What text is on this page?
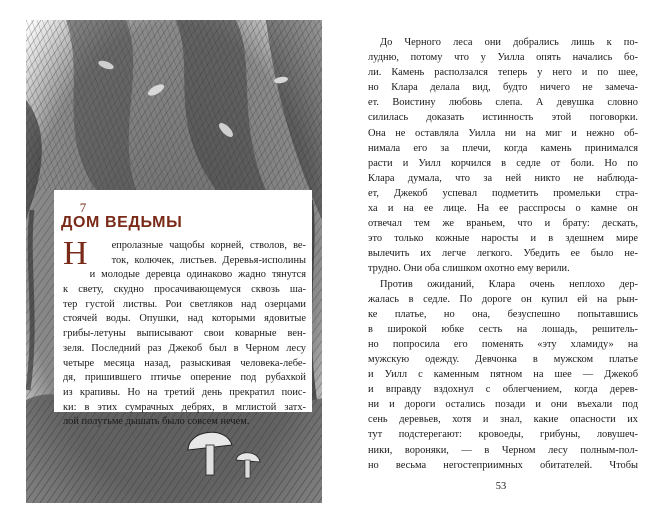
7
ДОМ ВЕДЬМЫ
Н	епролазные чащобы корней, стволов, ве-
ток, колючек, листьев. Деревья-исполины
и молодые деревца одинаково жадно тянутся
к свету, скудно просачивающемуся сквозь ша-
тер густой листвы. Рои светляков над озерцами
стоячей воды. Опушки, над которыми ядовитые
грибы-летуны выписывают свои коварные вен-
зеля. Последний раз Джекоб был в Черном лесу
четыре месяца назад, разыскивая человека-лебе-
дя, пришившего птичье оперение под рубахкой
из крапивы. Но на третий день прекратил поис-
ки: в этих сумрачных дебрях, в мглистой затх-
лой полутьме дышать было совсем нечем.
До Черного леса они добрались лишь к по-
лудню, потому что у Уилла опять начались бо-
ли. Камень расползался теперь у него и по шее,
но Клара делала вид, будто ничего не замеча-
ет. Воистину любовь слепа. А девушка словно
силилась доказать истинность этой поговорки.
Она не оставляла Уилла ни на миг и нежно об-
нимала его за плечи, когда камень принимался
расти и Уилл корчился в седле от боли. Но по
Клара думала, что за ней никто не наблюда-
ет, Джекоб успевал подметить промельки стра-
ха и на ее лице. На ее расспросы о камне он
отвечал тем же враньем, что и брату: дескать,
это только кожные наросты и в здешнем мире
вылечить их легче легкого. Убедить ее было не-
трудно. Они оба слишком охотно ему верили.
Против ожиданий, Клара очень неплохо дер-
жалась в седле. По дороге он купил ей на рын-
ке платье, но она, безуспешно попытавшись
в широкой юбке сесть на лошадь, решитель-
но попросила его поменять «эту хламиду» на
мужскую одежду. Девчонка в мужском платье
и Уилл с каменным пятном на шее — Джекоб
и вправду вздохнул с облегчением, когда дерев-
ни и дороги остались позади и они въехали под
сень деревьев, хотя и знал, какие опасности их
тут подстерегают: кровоеды, грибуны, ловушеч-
ники, вороняки, — в Черном лесу полным-пол-
но весьма негостеприимных обитателей. Чтобы
53
